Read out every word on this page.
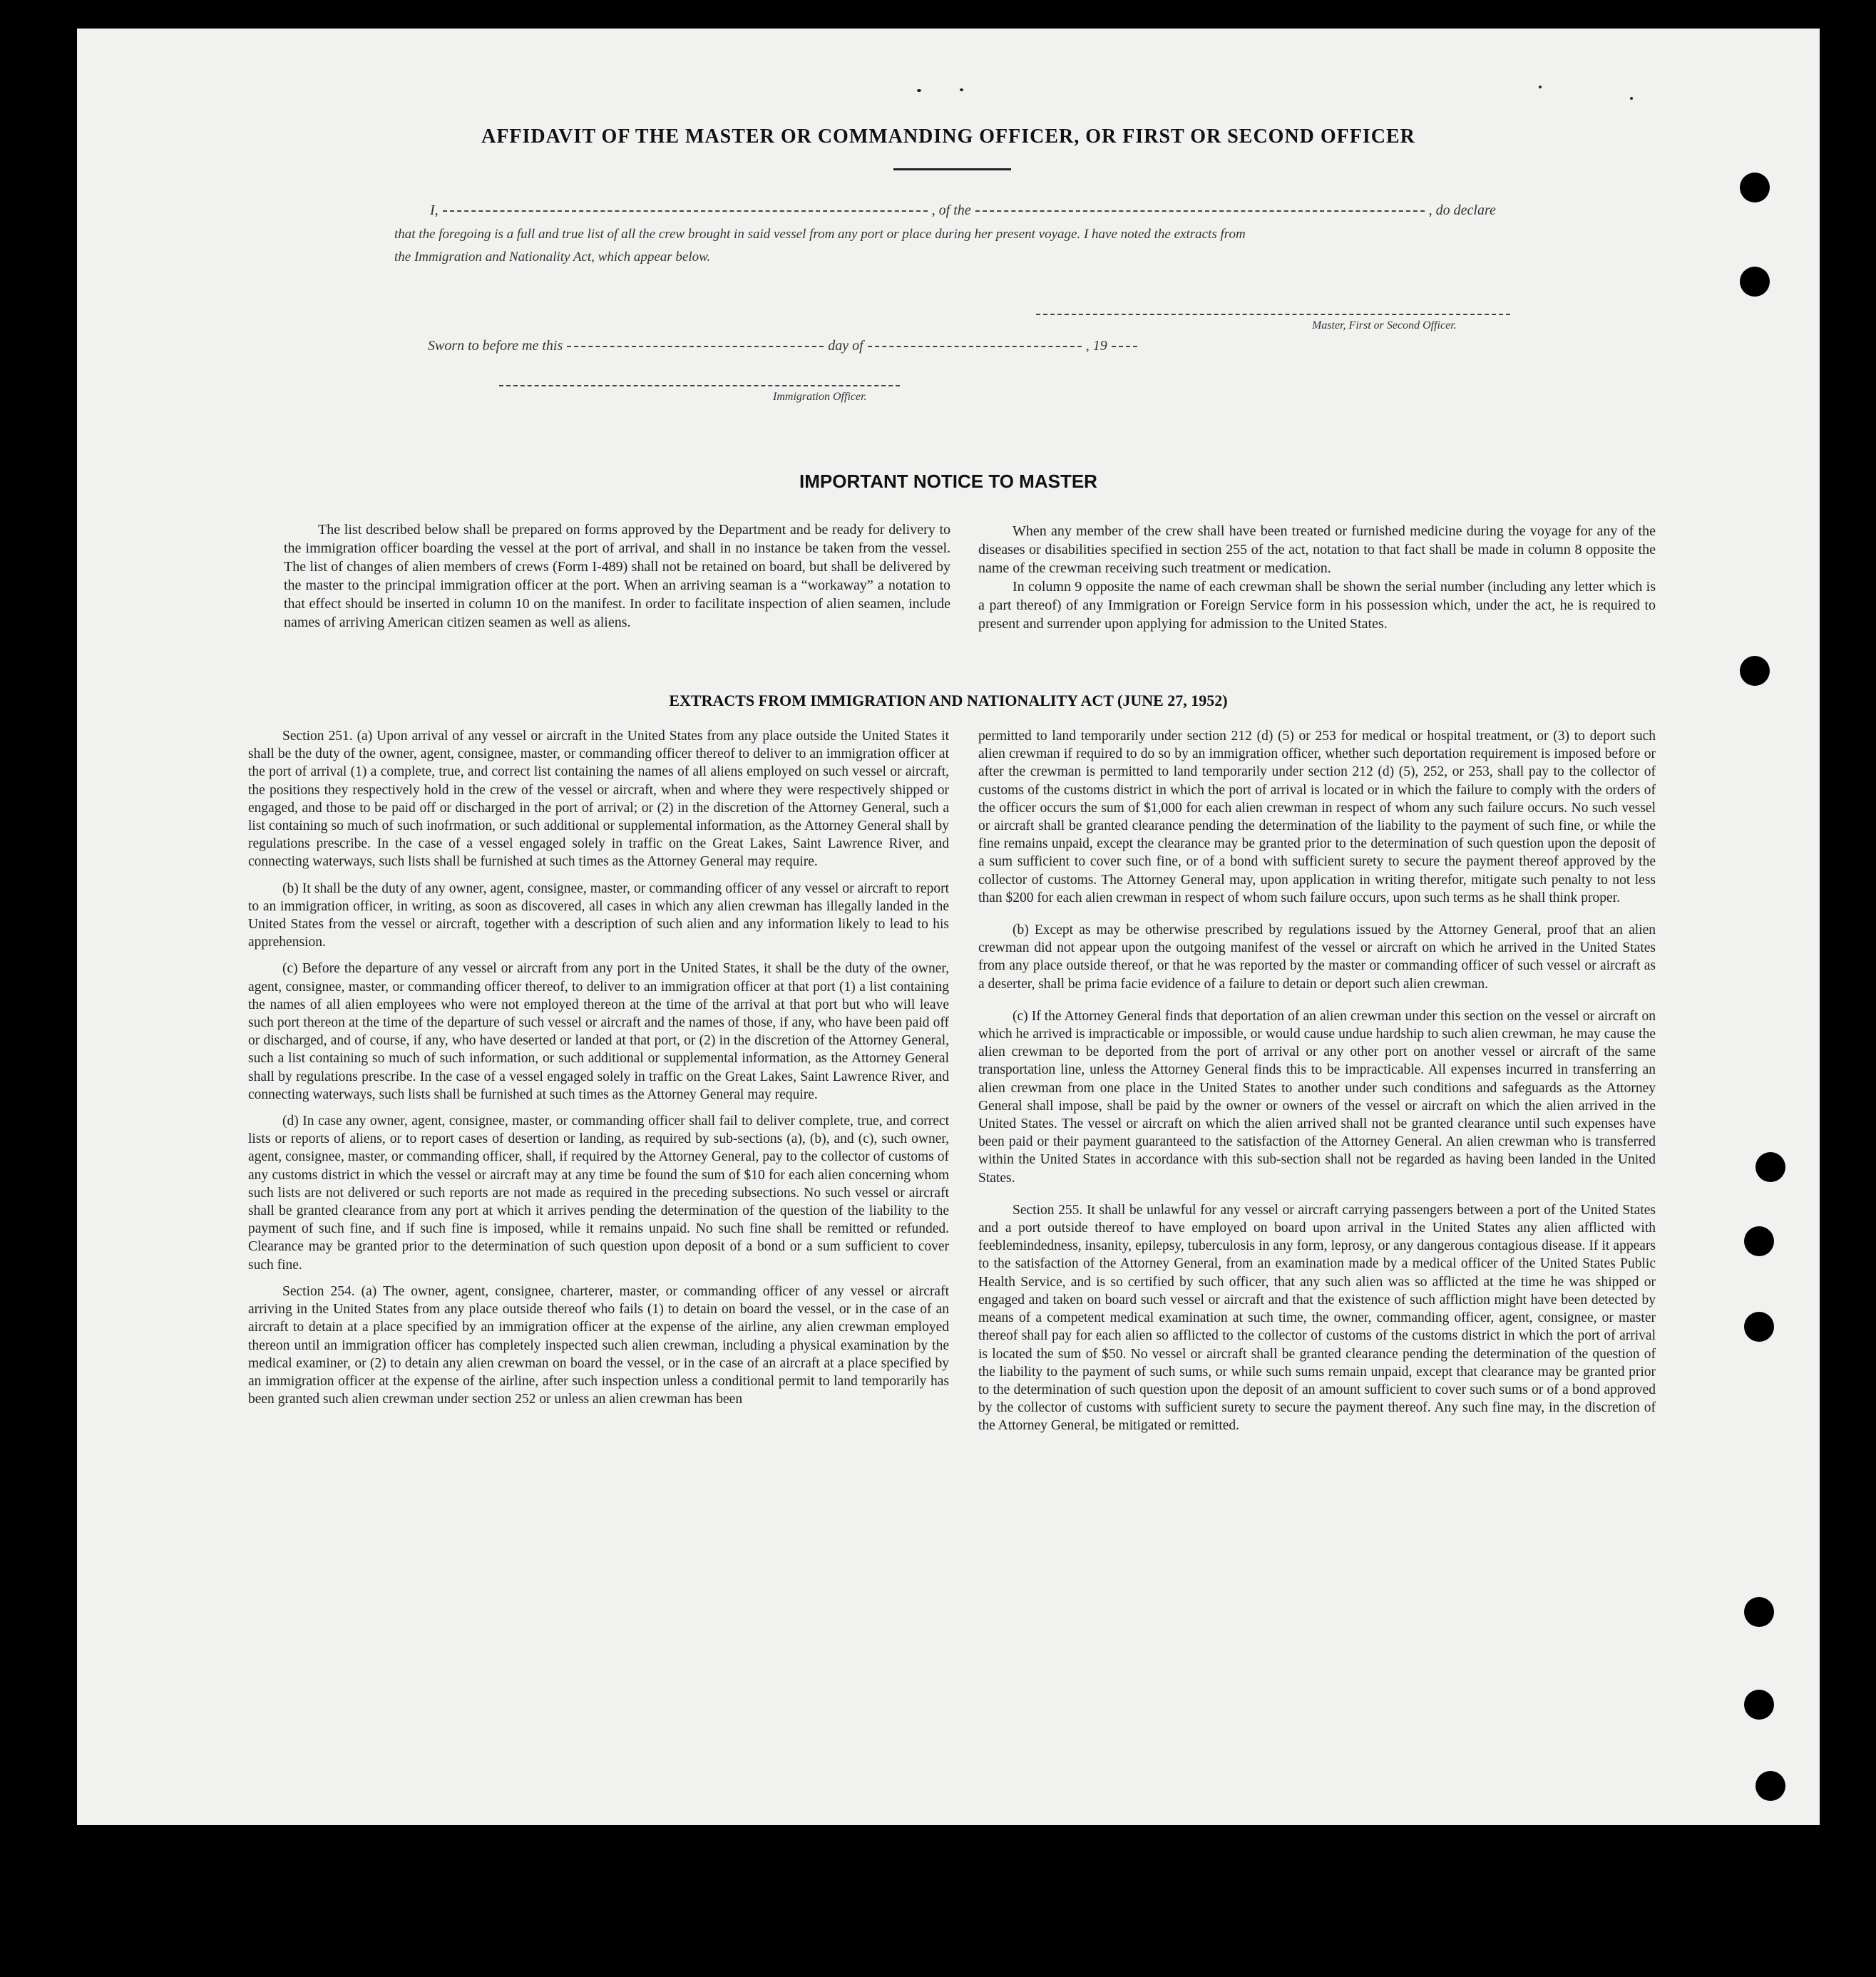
AFFIDAVIT OF THE MASTER OR COMMANDING OFFICER, OR FIRST OR SECOND OFFICER
I,	, of the	, do declare
that the foregoing is a full and true list of all the crew brought in said vessel from any port or place during her present voyage. I have noted the extracts from
the Immigration and Nationality Act, which appear below.
Master, First or Second Officer.
Sworn to before me this	day of	, 19
Immigration Officer.
IMPORTANT NOTICE TO MASTER

The list described below shall be prepared on forms approved by the Department and be ready for delivery to the immigration officer boarding the vessel at the port of arrival, and shall in no instance be taken from the vessel. The list of changes of alien members of crews (Form I-489) shall not be retained on board, but shall be delivered by the master to the principal immigration officer at the port. When an arriving seaman is a “workaway” a notation to that effect should be inserted in column 10 on the manifest. In order to facilitate inspection of alien seamen, include names of arriving American citizen seamen as well as aliens.

When any member of the crew shall have been treated or furnished medicine during the voyage for any of the diseases or disabilities specified in section 255 of the act, notation to that fact shall be made in column 8 opposite the name of the crewman receiving such treatment or medication.

In column 9 opposite the name of each crewman shall be shown the serial number (including any letter which is a part thereof) of any Immigration or Foreign Service form in his possession which, under the act, he is required to present and surrender upon applying for admission to the United States.

EXTRACTS FROM IMMIGRATION AND NATIONALITY ACT (JUNE 27, 1952)

Section 251. (a) Upon arrival of any vessel or aircraft in the United States from any place outside the United States it shall be the duty of the owner, agent, consignee, master, or commanding officer thereof to deliver to an immigration officer at the port of arrival (1) a complete, true, and correct list containing the names of all aliens employed on such vessel or aircraft, the positions they respectively hold in the crew of the vessel or aircraft, when and where they were respectively shipped or engaged, and those to be paid off or discharged in the port of arrival; or (2) in the discretion of the Attorney General, such a list containing so much of such inofrmation, or such additional or supplemental information, as the Attorney General shall by regulations prescribe. In the case of a vessel engaged solely in traffic on the Great Lakes, Saint Lawrence River, and connecting waterways, such lists shall be furnished at such times as the Attorney General may require.

(b) It shall be the duty of any owner, agent, consignee, master, or commanding officer of any vessel or aircraft to report to an immigration officer, in writing, as soon as discovered, all cases in which any alien crewman has illegally landed in the United States from the vessel or aircraft, together with a description of such alien and any information likely to lead to his apprehension.

(c) Before the departure of any vessel or aircraft from any port in the United States, it shall be the duty of the owner, agent, consignee, master, or commanding officer thereof, to deliver to an immigration officer at that port (1) a list containing the names of all alien employees who were not employed thereon at the time of the arrival at that port but who will leave such port thereon at the time of the departure of such vessel or aircraft and the names of those, if any, who have been paid off or discharged, and of course, if any, who have deserted or landed at that port, or (2) in the discretion of the Attorney General, such a list containing so much of such information, or such additional or supplemental information, as the Attorney General shall by regulations prescribe. In the case of a vessel engaged solely in traffic on the Great Lakes, Saint Lawrence River, and connecting waterways, such lists shall be furnished at such times as the Attorney General may require.

(d) In case any owner, agent, consignee, master, or commanding officer shall fail to deliver complete, true, and correct lists or reports of aliens, or to report cases of desertion or landing, as required by sub-sections (a), (b), and (c), such owner, agent, consignee, master, or commanding officer, shall, if required by the Attorney General, pay to the collector of customs of any customs district in which the vessel or aircraft may at any time be found the sum of $10 for each alien concerning whom such lists are not delivered or such reports are not made as required in the preceding subsections. No such vessel or aircraft shall be granted clearance from any port at which it arrives pending the determination of the question of the liability to the payment of such fine, and if such fine is imposed, while it remains unpaid. No such fine shall be remitted or refunded. Clearance may be granted prior to the determination of such question upon deposit of a bond or a sum sufficient to cover such fine.

Section 254. (a) The owner, agent, consignee, charterer, master, or commanding officer of any vessel or aircraft arriving in the United States from any place outside thereof who fails (1) to detain on board the vessel, or in the case of an aircraft to detain at a place specified by an immigration officer at the expense of the airline, any alien crewman employed thereon until an immigration officer has completely inspected such alien crewman, including a physical examination by the medical examiner, or (2) to detain any alien crewman on board the vessel, or in the case of an aircraft at a place specified by an immigration officer at the expense of the airline, after such inspection unless a conditional permit to land temporarily has been granted such alien crewman under section 252 or unless an alien crewman has been

permitted to land temporarily under section 212 (d) (5) or 253 for medical or hospital treatment, or (3) to deport such alien crewman if required to do so by an immigration officer, whether such deportation requirement is imposed before or after the crewman is permitted to land temporarily under section 212 (d) (5), 252, or 253, shall pay to the collector of customs of the customs district in which the port of arrival is located or in which the failure to comply with the orders of the officer occurs the sum of $1,000 for each alien crewman in respect of whom any such failure occurs. No such vessel or aircraft shall be granted clearance pending the determination of the liability to the payment of such fine, or while the fine remains unpaid, except the clearance may be granted prior to the determination of such question upon the deposit of a sum sufficient to cover such fine, or of a bond with sufficient surety to secure the payment thereof approved by the collector of customs. The Attorney General may, upon application in writing therefor, mitigate such penalty to not less than $200 for each alien crewman in respect of whom such failure occurs, upon such terms as he shall think proper.

(b) Except as may be otherwise prescribed by regulations issued by the Attorney General, proof that an alien crewman did not appear upon the outgoing manifest of the vessel or aircraft on which he arrived in the United States from any place outside thereof, or that he was reported by the master or commanding officer of such vessel or aircraft as a deserter, shall be prima facie evidence of a failure to detain or deport such alien crewman.

(c) If the Attorney General finds that deportation of an alien crewman under this section on the vessel or aircraft on which he arrived is impracticable or impossible, or would cause undue hardship to such alien crewman, he may cause the alien crewman to be deported from the port of arrival or any other port on another vessel or aircraft of the same transportation line, unless the Attorney General finds this to be impracticable. All expenses incurred in transferring an alien crewman from one place in the United States to another under such conditions and safeguards as the Attorney General shall impose, shall be paid by the owner or owners of the vessel or aircraft on which the alien arrived in the United States. The vessel or aircraft on which the alien arrived shall not be granted clearance until such expenses have been paid or their payment guaranteed to the satisfaction of the Attorney General. An alien crewman who is transferred within the United States in accordance with this sub-section shall not be regarded as having been landed in the United States.

Section 255. It shall be unlawful for any vessel or aircraft carrying passengers between a port of the United States and a port outside thereof to have employed on board upon arrival in the United States any alien afflicted with feeblemindedness, insanity, epilepsy, tuberculosis in any form, leprosy, or any dangerous contagious disease. If it appears to the satisfaction of the Attorney General, from an examination made by a medical officer of the United States Public Health Service, and is so certified by such officer, that any such alien was so afflicted at the time he was shipped or engaged and taken on board such vessel or aircraft and that the existence of such affliction might have been detected by means of a competent medical examination at such time, the owner, commanding officer, agent, consignee, or master thereof shall pay for each alien so afflicted to the collector of customs of the customs district in which the port of arrival is located the sum of $50. No vessel or aircraft shall be granted clearance pending the determination of the question of the liability to the payment of such sums, or while such sums remain unpaid, except that clearance may be granted prior to the determination of such question upon the deposit of an amount sufficient to cover such sums or of a bond approved by the collector of customs with sufficient surety to secure the payment thereof. Any such fine may, in the discretion of the Attorney General, be mitigated or remitted.
